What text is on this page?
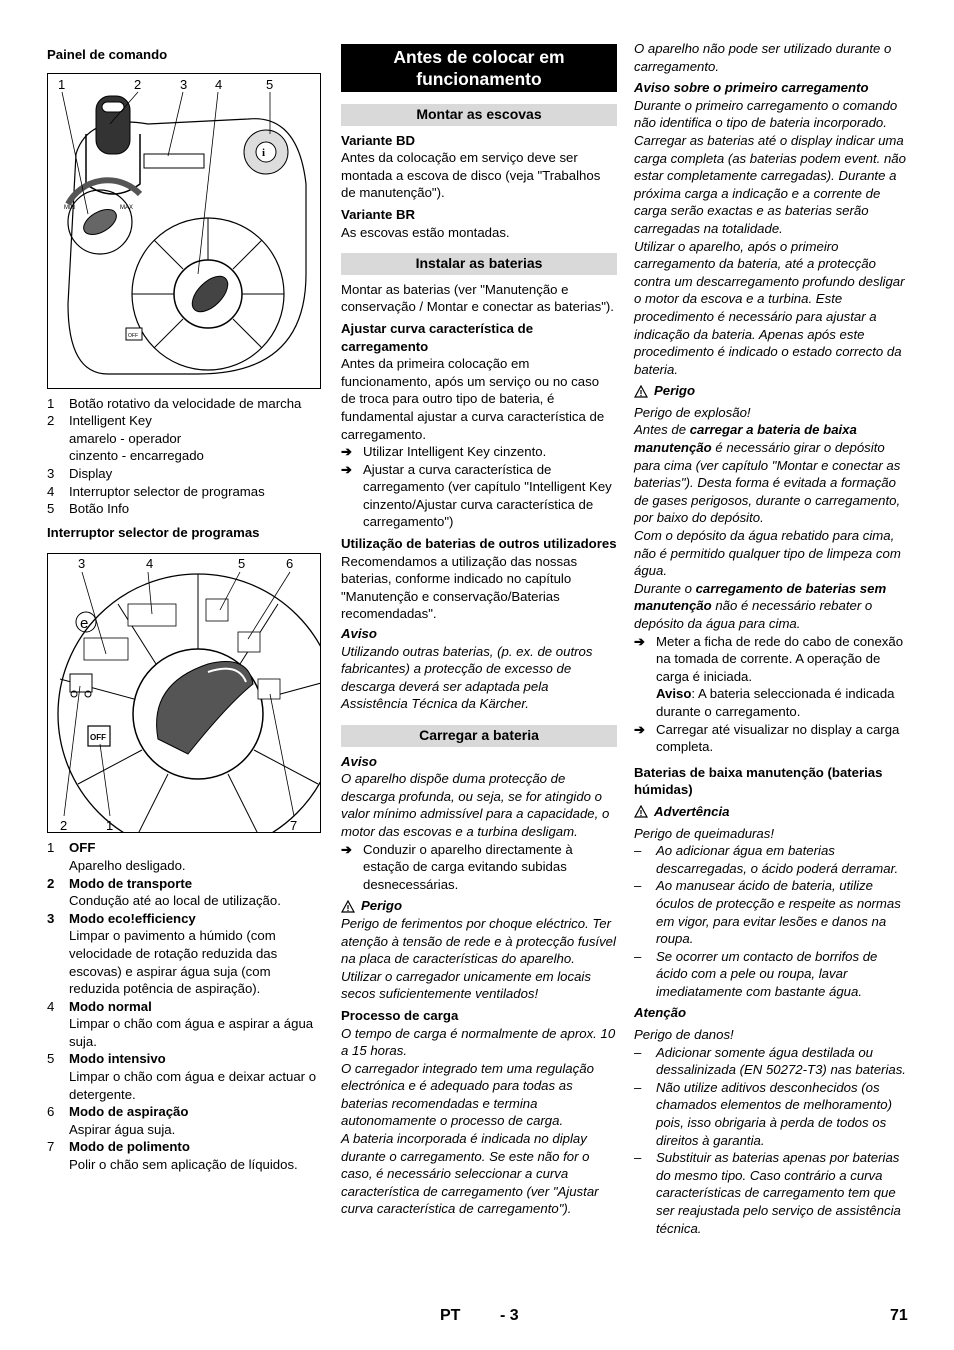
Painel de comando
1	2	3 4	5
i
MIN	MAX
OFF
1	Botão rotativo da velocidade de marcha
2	Intelligent Key
amarelo - operador
cinzento - encarregado
3	Display
4	Interruptor selector de programas
5	Botão Info
Interruptor selector de programas
3	4	5	6
2	1	7
e
OFF
1	OFF
Aparelho desligado.
2	Modo de transporte
Condução até ao local de utilização.
3	Modo eco!efficiency
Limpar o pavimento a húmido (com velocidade de rotação reduzida das escovas) e aspirar água suja (com reduzida potência de aspiração).
4	Modo normal
Limpar o chão com água e aspirar a água suja.
5	Modo intensivo
Limpar o chão com água e deixar actuar o detergente.
6	Modo de aspiração
Aspirar água suja.
7	Modo de polimento
Polir o chão sem aplicação de líquidos.
Antes de colocar em funcionamento
Montar as escovas
Variante BD
Antes da colocação em serviço deve ser montada a escova de disco (veja "Trabalhos de manutenção").
Variante BR
As escovas estão montadas.
Instalar as baterias
Montar as baterias (ver "Manutenção e conservação / Montar e conectar as baterias").
Ajustar curva característica de carregamento
Antes da primeira colocação em funcionamento, após um serviço ou no caso de troca para outro tipo de bateria, é fundamental ajustar a curva característica de carregamento.
➔ Utilizar Intelligent Key cinzento.
➔ Ajustar a curva característica de carregamento (ver capítulo "Intelligent Key cinzento/Ajustar curva característica de carregamento")
Utilização de baterias de outros utilizadores
Recomendamos a utilização das nossas baterias, conforme indicado no capítulo "Manutenção e conservação/Baterias recomendadas".
Aviso
Utilizando outras baterias, (p. ex. de outros fabricantes) a protecção de excesso de descarga deverá ser adaptada pela Assistência Técnica da Kärcher.
Carregar a bateria
Aviso
O aparelho dispõe duma protecção de descarga profunda, ou seja, se for atingido o valor mínimo admissível para a capacidade, o motor das escovas e a turbina desligam.
➔ Conduzir o aparelho directamente à estação de carga evitando subidas desnecessárias.
Perigo
Perigo de ferimentos por choque eléctrico. Ter atenção à tensão de rede e à protecção fusível na placa de características do aparelho.
Utilizar o carregador unicamente em locais secos suficientemente ventilados!
Processo de carga
O tempo de carga é normalmente de aprox. 10 a 15 horas.
O carregador integrado tem uma regulação electrónica e é adequado para todas as baterias recomendadas e termina autonomamente o processo de carga.
A bateria incorporada é indicada no diplay durante o carregamento. Se este não for o caso, é necessário seleccionar a curva característica de carregamento (ver "Ajustar curva característica de carregamento").
O aparelho não pode ser utilizado durante o carregamento.
Aviso sobre o primeiro carregamento
Durante o primeiro carregamento o comando não identifica o tipo de bateria incorporado. Carregar as baterias até o display indicar uma carga completa (as baterias podem event. não estar completamente carregadas). Durante a próxima carga a indicação e a corrente de carga serão exactas e as baterias serão carregadas na totalidade.
Utilizar o aparelho, após o primeiro carregamento da bateria, até a protecção contra um descarregamento profundo desligar o motor da escova e a turbina. Este procedimento é necessário para ajustar a indicação da bateria. Apenas após este procedimento é indicado o estado correcto da bateria.
Perigo
Perigo de explosão!
Antes de carregar a bateria de baixa manutenção é necessário girar o depósito para cima (ver capítulo "Montar e conectar as baterias"). Desta forma é evitada a formação de gases perigosos, durante o carregamento, por baixo do depósito.
Com o depósito da água rebatido para cima, não é permitido qualquer tipo de limpeza com água.
Durante o carregamento de baterias sem manutenção não é necessário rebater o depósito da água para cima.
➔ Meter a ficha de rede do cabo de conexão na tomada de corrente. A operação de carga é iniciada.
Aviso: A bateria seleccionada é indicada durante o carregamento.
➔ Carregar até visualizar no display a carga completa.
Baterias de baixa manutenção (baterias húmidas)
Advertência
Perigo de queimaduras!
–	Ao adicionar água em baterias descarregadas, o ácido poderá derramar.
–	Ao manusear ácido de bateria, utilize óculos de protecção e respeite as normas em vigor, para evitar lesões e danos na roupa.
–	Se ocorrer um contacto de borrifos de ácido com a pele ou roupa, lavar imediatamente com bastante água.
Atenção
Perigo de danos!
–	Adicionar somente água destilada ou dessalinizada (EN 50272-T3) nas baterias.
–	Não utilize aditivos desconhecidos (os chamados elementos de melhoramento) pois, isso obrigaria à perda de todos os direitos à garantia.
–	Substituir as baterias apenas por baterias do mesmo tipo. Caso contrário a curva características de carregamento tem que ser reajustada pelo serviço de assistência técnica.
PT - 3	71
